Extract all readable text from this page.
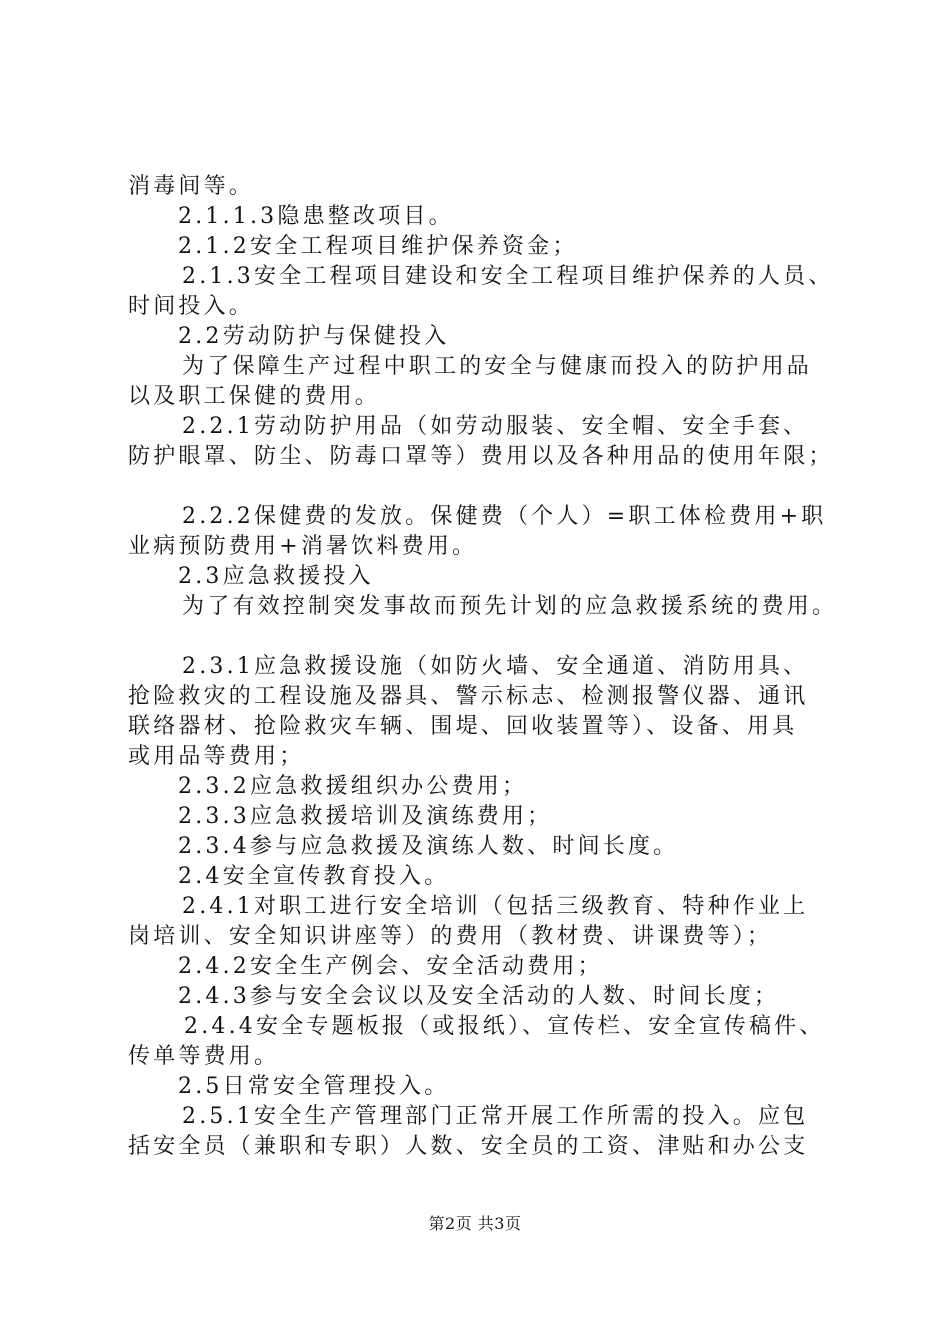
消毒间等。
2.1.1.3隐患整改项目。
2.1.2安全工程项目维护保养资金；
2.1.3安全工程项目建设和安全工程项目维护保养的人员、
时间投入。
2.2劳动防护与保健投入
为了保障生产过程中职工的安全与健康而投入的防护用品
以及职工保健的费用。
2.2.1劳动防护用品（如劳动服装、安全帽、安全手套、
防护眼罩、防尘、防毒口罩等）费用以及各种用品的使用年限；
2.2.2保健费的发放。保健费（个人）=职工体检费用+职
业病预防费用+消暑饮料费用。
2.3应急救援投入
为了有效控制突发事故而预先计划的应急救援系统的费用。
2.3.1应急救援设施（如防火墙、安全通道、消防用具、
抢险救灾的工程设施及器具、警示标志、检测报警仪器、通讯
联络器材、抢险救灾车辆、围堤、回收装置等）、设备、用具
或用品等费用；
2.3.2应急救援组织办公费用；
2.3.3应急救援培训及演练费用；
2.3.4参与应急救援及演练人数、时间长度。
2.4安全宣传教育投入。
2.4.1对职工进行安全培训（包括三级教育、特种作业上
岗培训、安全知识讲座等）的费用（教材费、讲课费等）；
2.4.2安全生产例会、安全活动费用；
2.4.3参与安全会议以及安全活动的人数、时间长度；
2.4.4安全专题板报（或报纸）、宣传栏、安全宣传稿件、
传单等费用。
2.5日常安全管理投入。
2.5.1安全生产管理部门正常开展工作所需的投入。应包
括安全员（兼职和专职）人数、安全员的工资、津贴和办公支
第2页 共3页
